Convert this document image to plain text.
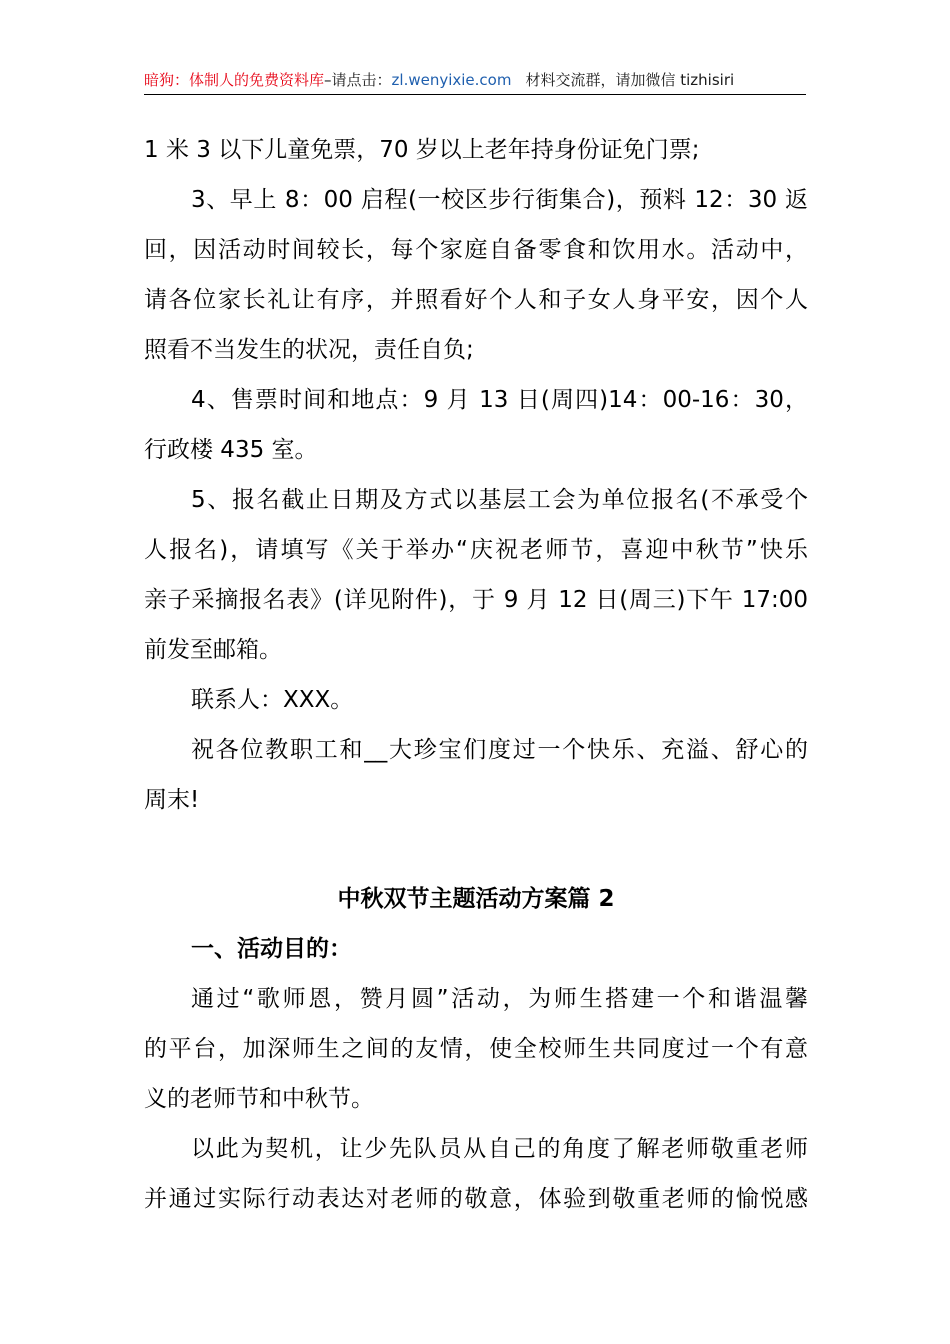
暗狗：体制人的免费资料库–请点击：zl.wenyixie.com 材料交流群，请加微信 tizhisiri
1 米 3 以下儿童免票，70 岁以上老年持身份证免门票;
3、早上 8：00 启程(一校区步行街集合)，预料 12：30 返
回，因活动时间较长，每个家庭自备零食和饮用水。活动中，
请各位家长礼让有序，并照看好个人和子女人身平安，因个人
照看不当发生的状况，责任自负;
4、售票时间和地点：9 月 13 日(周四)14：00-16：30，
行政楼 435 室。
5、报名截止日期及方式以基层工会为单位报名(不承受个
人报名)，请填写《关于举办“庆祝老师节，喜迎中秋节”快乐
亲子采摘报名表》(详见附件)，于 9 月 12 日(周三)下午 17:00
前发至邮箱。
联系人：XXX。
祝各位教职工和__大珍宝们度过一个快乐、充溢、舒心的
周末!
中秋双节主题活动方案篇 2
一、活动目的：
通过“歌师恩，赞月圆”活动，为师生搭建一个和谐温馨
的平台，加深师生之间的友情，使全校师生共同度过一个有意
义的老师节和中秋节。
以此为契机，让少先队员从自己的角度了解老师敬重老师
并通过实际行动表达对老师的敬意，体验到敬重老师的愉悦感
